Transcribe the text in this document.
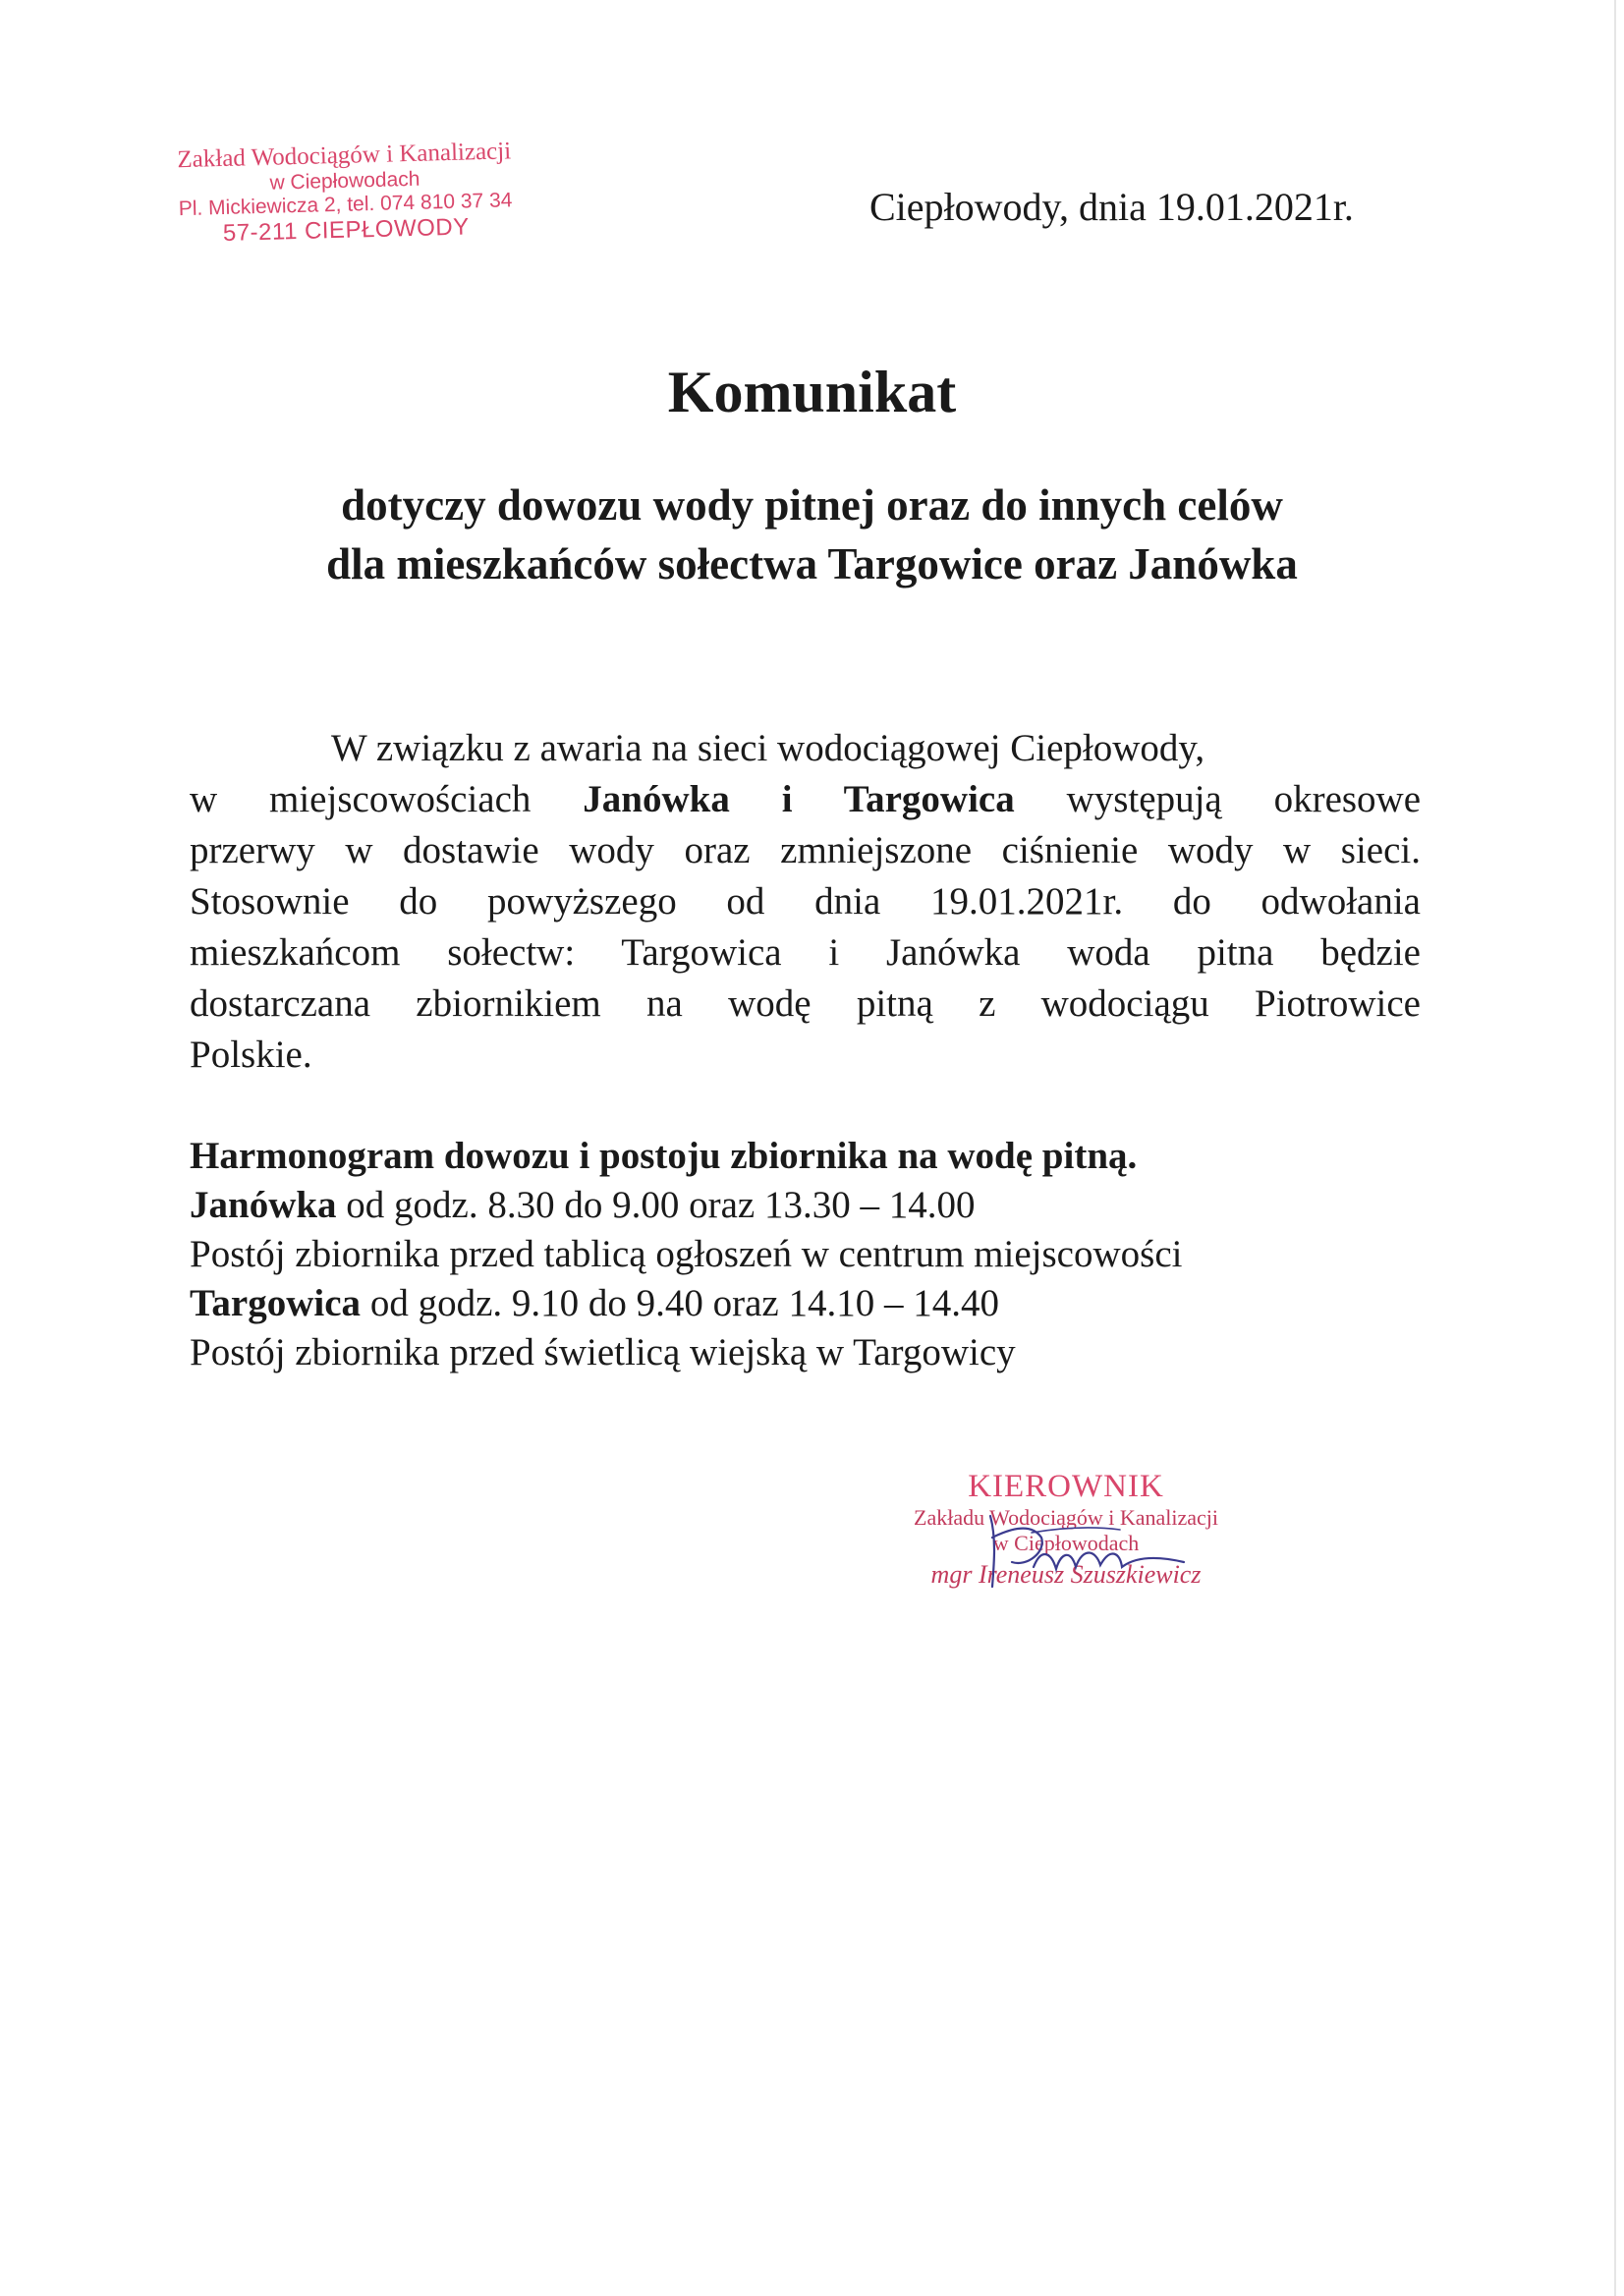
Zakład Wodociągów i Kanalizacji
w Ciepłowodach
Pl. Mickiewicza 2, tel. 074 810 37 34
57-211 CIEPŁOWODY
Ciepłowody, dnia 19.01.2021r.
Komunikat
dotyczy dowozu wody pitnej oraz do innych celów
dla mieszkańców sołectwa Targowice oraz Janówka
W związku z awaria na sieci wodociągowej Ciepłowody,
w miejscowościach Janówka i Targowica występują okresowe
przerwy w dostawie wody oraz zmniejszone ciśnienie wody w sieci.
Stosownie do powyższego od dnia 19.01.2021r. do odwołania
mieszkańcom sołectw: Targowica i Janówka woda pitna będzie
dostarczana zbiornikiem na wodę pitną z wodociągu Piotrowice
Polskie.
Harmonogram dowozu i postoju zbiornika na wodę pitną.
Janówka od godz. 8.30 do 9.00 oraz 13.30 – 14.00
Postój zbiornika przed tablicą ogłoszeń w centrum miejscowości
Targowica od godz. 9.10 do 9.40 oraz 14.10 – 14.40
Postój zbiornika przed świetlicą wiejską w Targowicy
KIEROWNIK
Zakładu Wodociągów i Kanalizacji
w Ciepłowodach
mgr Ireneusz Szuszkiewicz
